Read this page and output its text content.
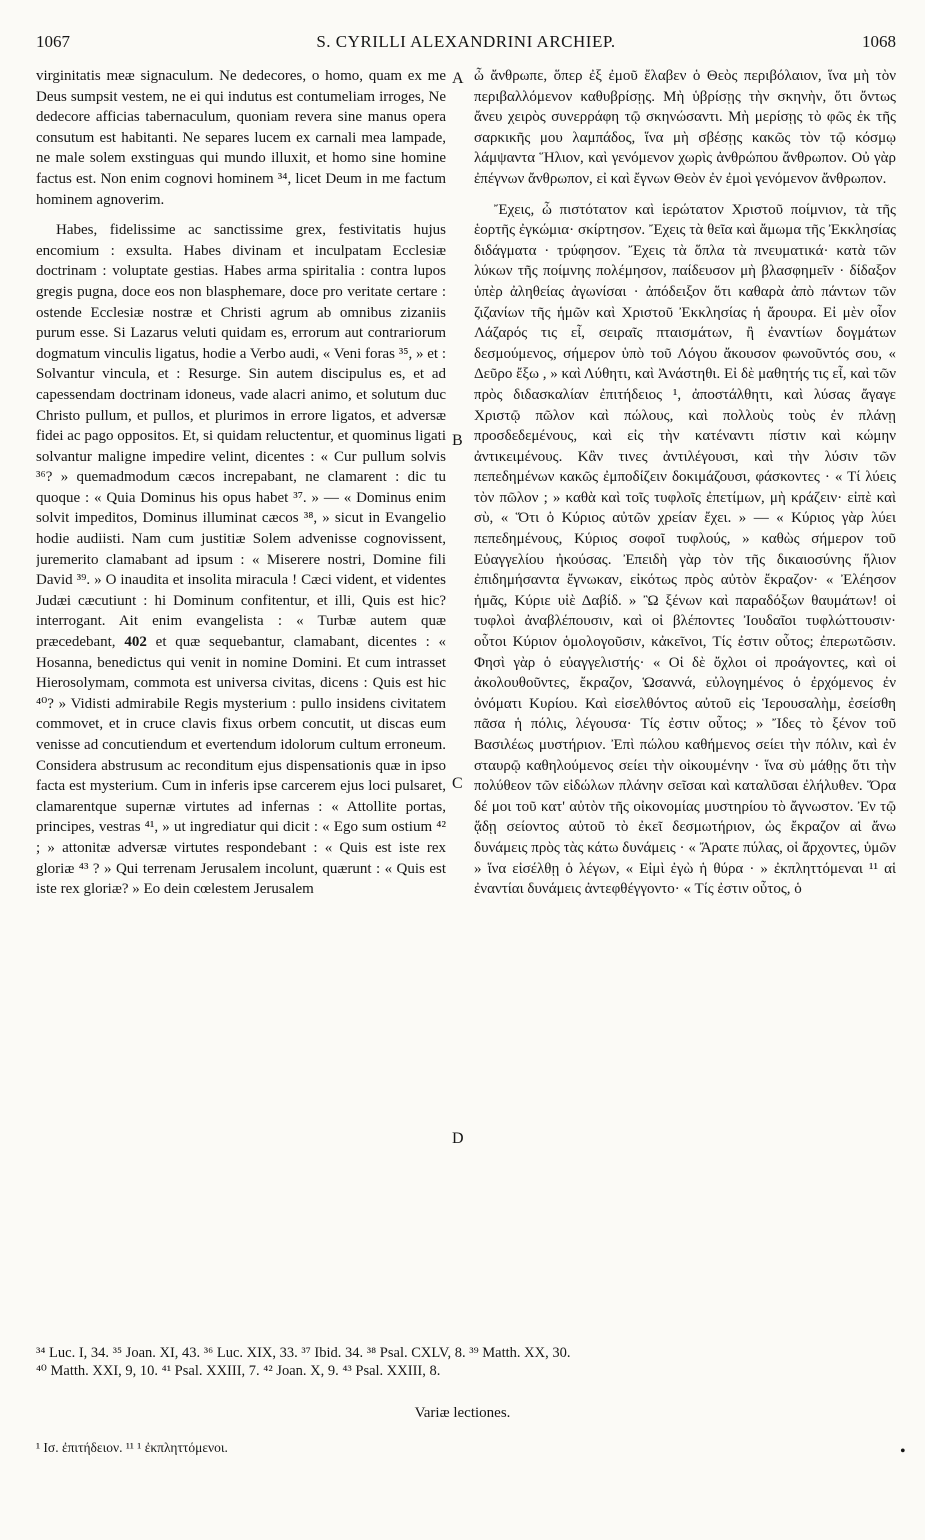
1067	S. CYRILLI ALEXANDRINI ARCHIEP.	1068

virginitatis meæ signaculum. Ne dedecores, o homo, quam ex me Deus sumpsit vestem, ne ei qui indutus est contumeliam irroges, Ne dedecore afficias tabernaculum, quoniam revera sine manus opera consutum est habitanti. Ne separes lucem ex carnali mea lampade, ne male solem exstinguas qui mundo illuxit, et homo sine homine factus est. Non enim cognovi hominem ³⁴, licet Deum in me factum hominem agnoverim.

Habes, fidelissime ac sanctissime grex, festivitatis hujus encomium : exsulta. Habes divinam et inculpatam Ecclesiæ doctrinam : voluptate gestias. Habes arma spiritalia : contra lupos gregis pugna, doce eos non blasphemare, doce pro veritate certare : ostende Ecclesiæ nostræ et Christi agrum ab omnibus zizaniis purum esse. Si Lazarus veluti quidam es, errorum aut contrariorum dogmatum vinculis ligatus, hodie a Verbo audi, « Veni foras ³⁵, » et : Solvantur vincula, et : Resurge. Sin autem discipulus es, et ad capessendam doctrinam idoneus, vade alacri animo, et solutum duc Christo pullum, et pullos, et plurimos in errore ligatos, et adversæ fidei ac pago oppositos. Et, si quidam reluctentur, et quominus ligati solvantur maligne impedire velint, dicentes : « Cur pullum solvis ³⁶? » quemadmodum cæcos increpabant, ne clamarent : dic tu quoque : « Quia Dominus his opus habet ³⁷. » — « Dominus enim solvit impeditos, Dominus illuminat cæcos ³⁸, » sicut in Evangelio hodie audiisti. Nam cum justitiæ Solem advenisse cognovissent, juremerito clamabant ad ipsum : « Miserere nostri, Domine fili David ³⁹. » O inaudita et insolita miracula ! Cæci vident, et videntes Judæi cæcutiunt : hi Dominum confitentur, et illi, Quis est hic? interrogant. Ait enim evangelista : « Turbæ autem quæ præcedebant, 402 et quæ sequebantur, clamabant, dicentes : « Hosanna, benedictus qui venit in nomine Domini. Et cum intrasset Hierosolymam, commota est universa civitas, dicens : Quis est hic ⁴⁰? » Vidisti admirabile Regis mysterium : pullo insidens civitatem commovet, et in cruce clavis fixus orbem concutit, ut discas eum venisse ad concutiendum et evertendum idolorum cultum erroneum. Considera abstrusum ac reconditum ejus dispensationis quæ in ipso facta est mysterium. Cum in inferis ipse carcerem ejus loci pulsaret, clamarentque supernæ virtutes ad infernas : « Attollite portas, principes, vestras ⁴¹, » ut ingrediatur qui dicit : « Ego sum ostium ⁴² ; » attonitæ adversæ virtutes respondebant : « Quis est iste rex gloriæ ⁴³ ? » Qui terrenam Jerusalem incolunt, quærunt : « Quis est iste rex gloriæ? » Eo dein cœlestem Jerusalem

A
B
C
D

ὦ ἄνθρωπε, ὅπερ ἐξ ἐμοῦ ἔλαβεν ὁ Θεὸς περιβόλαιον, ἵνα μὴ τὸν περιβαλλόμενον καθυβρίσῃς. Μὴ ὑβρίσῃς τὴν σκηνὴν, ὅτι ὄντως ἄνευ χειρὸς συνερράφη τῷ σκηνώσαντι. Μὴ μερίσῃς τὸ φῶς ἐκ τῆς σαρκικῆς μου λαμπάδος, ἵνα μὴ σβέσῃς κακῶς τὸν τῷ κόσμῳ λάμψαντα Ἥλιον, καὶ γενόμενον χωρὶς ἀνθρώπου ἄνθρωπον. Οὐ γὰρ ἐπέγνων ἄνθρωπον, εἰ καὶ ἔγνων Θεὸν ἐν ἐμοὶ γενόμενον ἄνθρωπον.

Ἔχεις, ὦ πιστότατον καὶ ἱερώτατον Χριστοῦ ποίμνιον, τὰ τῆς ἑορτῆς ἐγκώμια· σκίρτησον. Ἔχεις τὰ θεῖα καὶ ἄμωμα τῆς Ἐκκλησίας διδάγματα · τρύφησον. Ἔχεις τὰ ὅπλα τὰ πνευματικά· κατὰ τῶν λύκων τῆς ποίμνης πολέμησον, παίδευσον μὴ βλασφημεῖν · δίδαξον ὑπὲρ ἀληθείας ἀγωνίσαι · ἀπόδειξον ὅτι καθαρὰ ἀπὸ πάντων τῶν ζιζανίων τῆς ἡμῶν καὶ Χριστοῦ Ἐκκλησίας ἡ ἄρουρα. Εἰ μὲν οἷον Λάζαρός τις εἶ, σειραῖς πταισμάτων, ἢ ἐναντίων δογμάτων δεσμούμενος, σήμερον ὑπὸ τοῦ Λόγου ἄκουσον φωνοῦντός σου, « Δεῦρο ἔξω , » καὶ Λύθητι, καὶ Ἀνάστηθι. Εἰ δὲ μαθητής τις εἶ, καὶ τῶν πρὸς διδασκαλίαν ἐπιτήδειος ¹, ἀποστάλθητι, καὶ λύσας ἄγαγε Χριστῷ πῶλον καὶ πώλους, καὶ πολλοὺς τοὺς ἐν πλάνῃ προσδεδεμένους, καὶ εἰς τὴν κατέναντι πίστιν καὶ κώμην ἀντικειμένους. Κἂν τινες ἀντιλέγουσι, καὶ τὴν λύσιν τῶν πεπεδημένων κακῶς ἐμποδίζειν δοκιμάζουσι, φάσκοντες · « Τί λύεις τὸν πῶλον ; » καθὰ καὶ τοῖς τυφλοῖς ἐπετίμων, μὴ κράζειν· εἰπὲ καὶ σὺ, « Ὅτι ὁ Κύριος αὐτῶν χρείαν ἔχει. » — « Κύριος γὰρ λύει πεπεδημένους, Κύριος σοφοῖ τυφλούς, » καθὼς σήμερον τοῦ Εὐαγγελίου ἠκούσας. Ἐπειδὴ γὰρ τὸν τῆς δικαιοσύνης ἥλιον ἐπιδημήσαντα ἔγνωκαν, εἰκότως πρὸς αὐτὸν ἔκραζον· « Ἐλέησον ἡμᾶς, Κύριε υἱὲ Δαβίδ. » Ὢ ξένων καὶ παραδόξων θαυμάτων! οἱ τυφλοὶ ἀναβλέπουσιν, καὶ οἱ βλέποντες Ἰουδαῖοι τυφλώττουσιν· οὗτοι Κύριον ὁμολογοῦσιν, κἀκεῖνοι, Τίς ἐστιν οὗτος; ἐπερωτῶσιν. Φησὶ γὰρ ὁ εὐαγγελιστής· « Οἱ δὲ ὄχλοι οἱ προάγοντες, καὶ οἱ ἀκολουθοῦντες, ἔκραζον, Ὡσαννά, εὐλογημένος ὁ ἐρχόμενος ἐν ὀνόματι Κυρίου. Καὶ εἰσελθόντος αὐτοῦ εἰς Ἱερουσαλὴμ, ἐσείσθη πᾶσα ἡ πόλις, λέγουσα· Τίς ἐστιν οὗτος; » Ἴδες τὸ ξένον τοῦ Βασιλέως μυστήριον. Ἐπὶ πώλου καθήμενος σείει τὴν πόλιν, καὶ ἐν σταυρῷ καθηλούμενος σείει τὴν οἰκουμένην · ἵνα σὺ μάθῃς ὅτι τὴν πολύθεον τῶν εἰδώλων πλάνην σεῖσαι καὶ καταλῦσαι ἐλήλυθεν. Ὅρα δέ μοι τοῦ κατ' αὐτὸν τῆς οἰκονομίας μυστηρίου τὸ ἄγνωστον. Ἐν τῷ ᾅδῃ σείοντος αὐτοῦ τὸ ἐκεῖ δεσμωτήριον, ὡς ἔκραζον αἱ ἄνω δυνάμεις πρὸς τὰς κάτω δυνάμεις · « Ἄρατε πύλας, οἱ ἄρχοντες, ὑμῶν » ἵνα εἰσέλθῃ ὁ λέγων, « Εἰμὶ ἐγὼ ἡ θύρα · » ἐκπληττόμεναι ¹¹ αἱ ἐναντίαι δυνάμεις ἀντεφθέγγοντο· « Τίς ἐστιν οὗτος, ὁ

³⁴ Luc. I, 34. ³⁵ Joan. XI, 43. ³⁶ Luc. XIX, 33. ³⁷ Ibid. 34. ³⁸ Psal. CXLV, 8. ³⁹ Matth. XX, 30.
⁴⁰ Matth. XXI, 9, 10. ⁴¹ Psal. XXIII, 7. ⁴² Joan. X, 9. ⁴³ Psal. XXIII, 8.
Variæ lectiones.
¹ Ισ. ἐπιτήδειον. ¹¹ ¹ ἐκπληττόμενοι.	•
